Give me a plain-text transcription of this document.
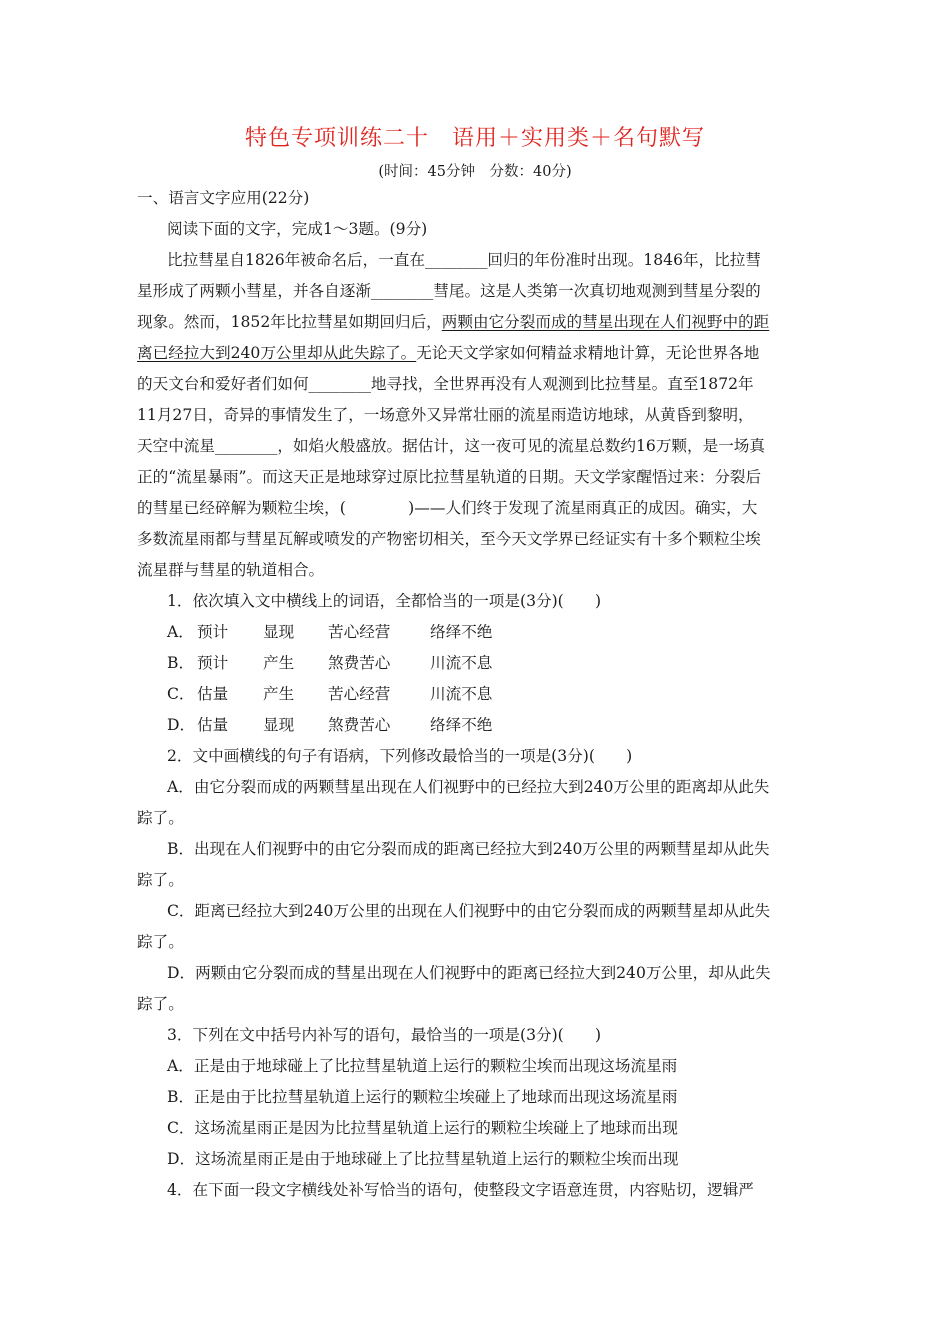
特色专项训练二十　语用＋实用类＋名句默写
(时间：45分钟　分数：40分)
一、语言文字应用(22分)
阅读下面的文字，完成1～3题。(9分)
比拉彗星自1826年被命名后，一直在________回归的年份准时出现。1846年，比拉彗
星形成了两颗小彗星，并各自逐渐________彗尾。这是人类第一次真切地观测到彗星分裂的
现象。然而，1852年比拉彗星如期回归后，两颗由它分裂而成的彗星出现在人们视野中的距
离已经拉大到240万公里却从此失踪了。无论天文学家如何精益求精地计算，无论世界各地
的天文台和爱好者们如何________地寻找，全世界再没有人观测到比拉彗星。直至1872年
11月27日，奇异的事情发生了，一场意外又异常壮丽的流星雨造访地球，从黄昏到黎明，
天空中流星________，如焰火般盛放。据估计，这一夜可见的流星总数约16万颗，是一场真
正的“流星暴雨”。而这天正是地球穿过原比拉彗星轨道的日期。天文学家醒悟过来：分裂后
的彗星已经碎解为颗粒尘埃，(　　　　)——人们终于发现了流星雨真正的成因。确实，大
多数流星雨都与彗星瓦解或喷发的产物密切相关，至今天文学界已经证实有十多个颗粒尘埃
流星群与彗星的轨道相合。
1．依次填入文中横线上的词语，全都恰当的一项是(3分)(　　)
A． 预计 显现 苦心经营	络绎不绝
B． 预计 产生 煞费苦心	川流不息
C． 估量 产生 苦心经营	川流不息
D． 估量 显现 煞费苦心	络绎不绝
2．文中画横线的句子有语病，下列修改最恰当的一项是(3分)(　　)
A．由它分裂而成的两颗彗星出现在人们视野中的已经拉大到240万公里的距离却从此失
踪了。
B．出现在人们视野中的由它分裂而成的距离已经拉大到240万公里的两颗彗星却从此失
踪了。
C．距离已经拉大到240万公里的出现在人们视野中的由它分裂而成的两颗彗星却从此失
踪了。
D．两颗由它分裂而成的彗星出现在人们视野中的距离已经拉大到240万公里，却从此失
踪了。
3．下列在文中括号内补写的语句，最恰当的一项是(3分)(　　)
A．正是由于地球碰上了比拉彗星轨道上运行的颗粒尘埃而出现这场流星雨
B．正是由于比拉彗星轨道上运行的颗粒尘埃碰上了地球而出现这场流星雨
C．这场流星雨正是因为比拉彗星轨道上运行的颗粒尘埃碰上了地球而出现
D．这场流星雨正是由于地球碰上了比拉彗星轨道上运行的颗粒尘埃而出现
4．在下面一段文字横线处补写恰当的语句，使整段文字语意连贯，内容贴切，逻辑严
